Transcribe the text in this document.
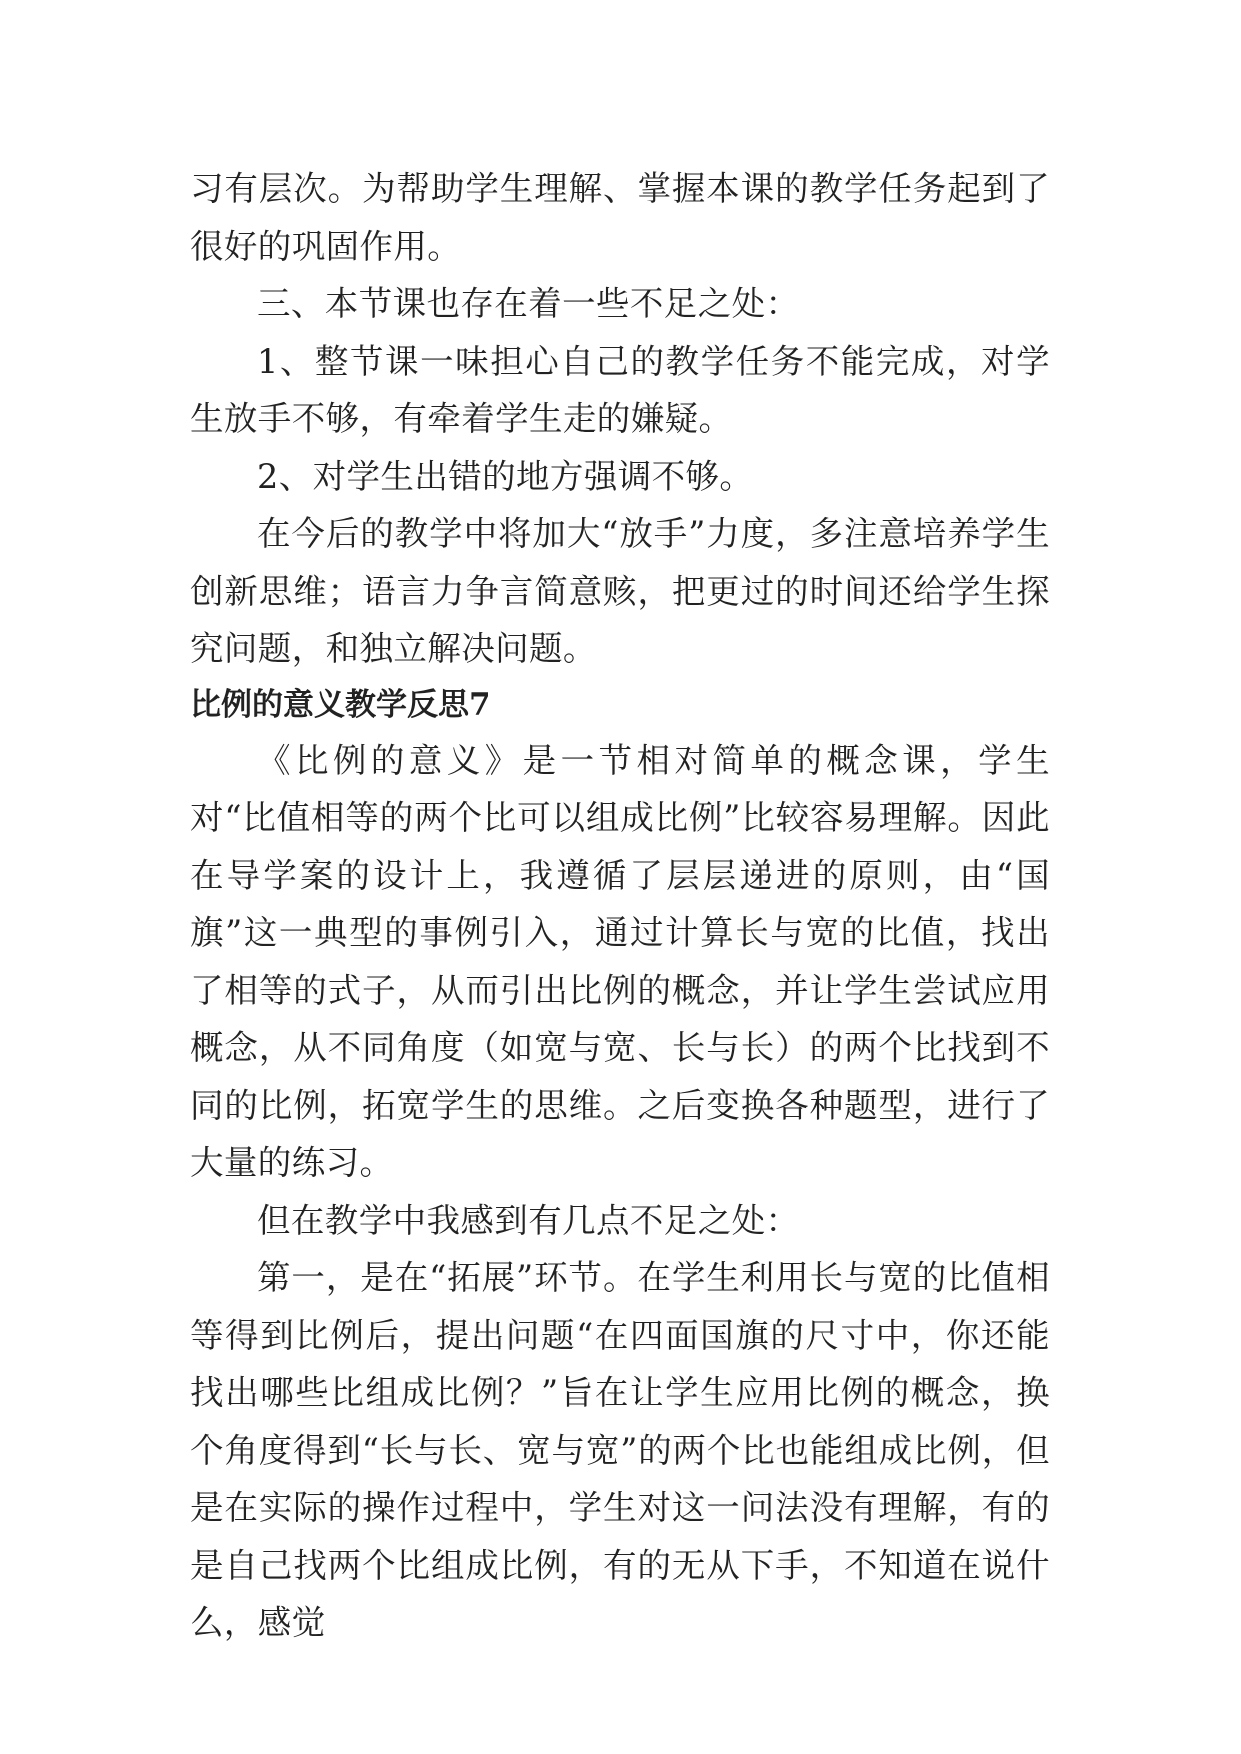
习有层次。为帮助学生理解、掌握本课的教学任务起到了很好的巩固作用。

三、本节课也存在着一些不足之处：

1、整节课一味担心自己的教学任务不能完成，对学生放手不够，有牵着学生走的嫌疑。

2、对学生出错的地方强调不够。

在今后的教学中将加大“放手”力度，多注意培养学生创新思维；语言力争言简意赅，把更过的时间还给学生探究问题，和独立解决问题。

比例的意义教学反思7

《比例的意义》是一节相对简单的概念课，学生对“比值相等的两个比可以组成比例”比较容易理解。因此在导学案的设计上，我遵循了层层递进的原则，由“国旗”这一典型的事例引入，通过计算长与宽的比值，找出了相等的式子，从而引出比例的概念，并让学生尝试应用概念，从不同角度（如宽与宽、长与长）的两个比找到不同的比例，拓宽学生的思维。之后变换各种题型，进行了大量的练习。

但在教学中我感到有几点不足之处：

第一，是在“拓展”环节。在学生利用长与宽的比值相等得到比例后，提出问题“在四面国旗的尺寸中，你还能找出哪些比组成比例？”旨在让学生应用比例的概念，换个角度得到“长与长、宽与宽”的两个比也能组成比例，但是在实际的操作过程中，学生对这一问法没有理解，有的是自己找两个比组成比例，有的无从下手，不知道在说什么，感觉
